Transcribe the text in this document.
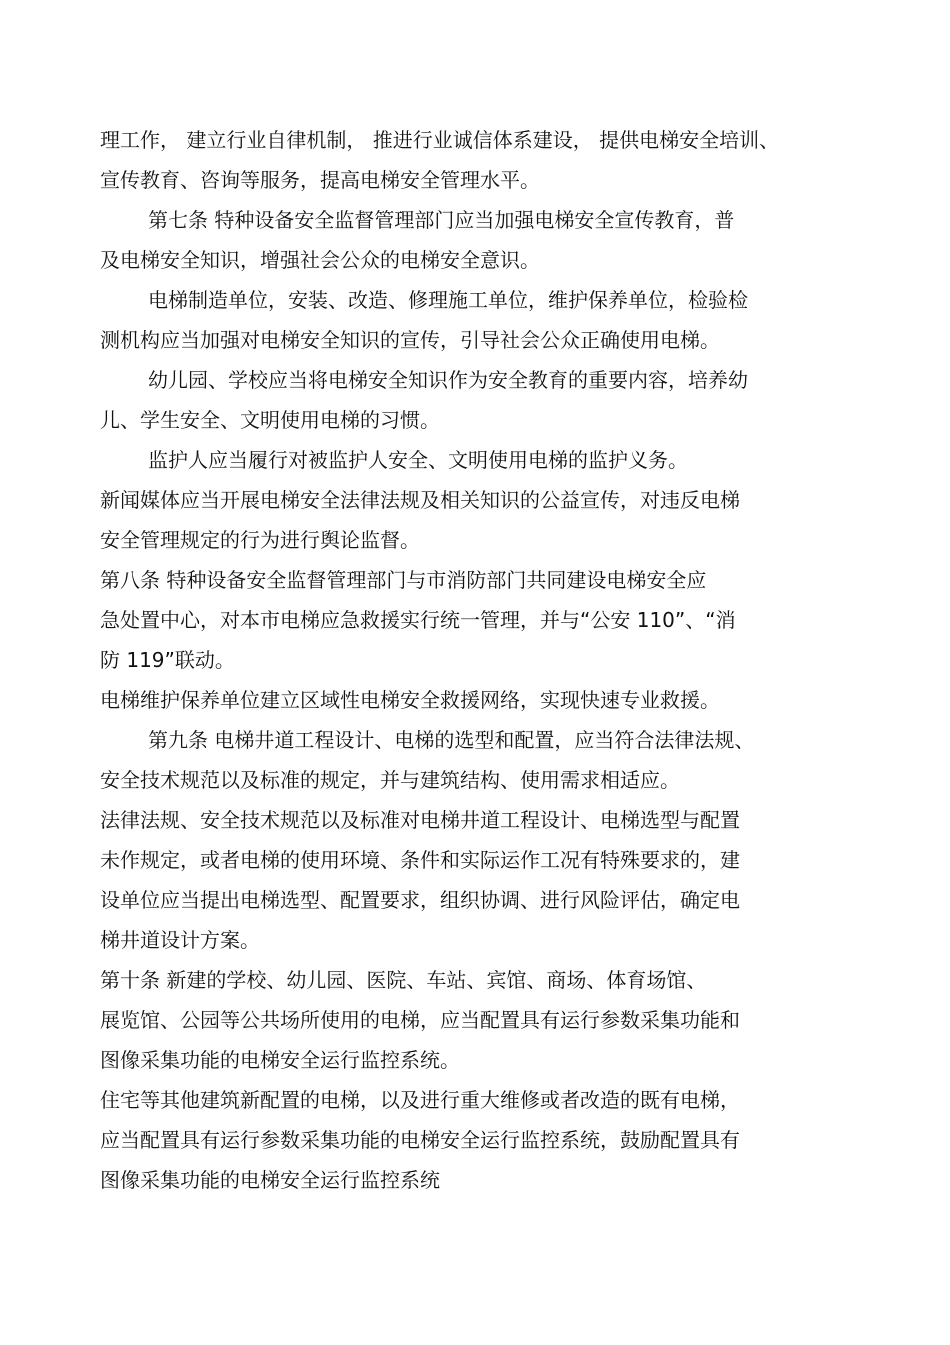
理工作， 建立行业自律机制， 推进行业诚信体系建设， 提供电梯安全培训、

宣传教育、咨询等服务，提高电梯安全管理水平。

第七条 特种设备安全监督管理部门应当加强电梯安全宣传教育，普

及电梯安全知识，增强社会公众的电梯安全意识。

电梯制造单位，安装、改造、修理施工单位，维护保养单位，检验检

测机构应当加强对电梯安全知识的宣传，引导社会公众正确使用电梯。

幼儿园、学校应当将电梯安全知识作为安全教育的重要内容，培养幼

儿、学生安全、文明使用电梯的习惯。

监护人应当履行对被监护人安全、文明使用电梯的监护义务。

新闻媒体应当开展电梯安全法律法规及相关知识的公益宣传，对违反电梯

安全管理规定的行为进行舆论监督。

第八条 特种设备安全监督管理部门与市消防部门共同建设电梯安全应

急处置中心，对本市电梯应急救援实行统一管理，并与“公安 110”、“消

防 119”联动。

电梯维护保养单位建立区域性电梯安全救援网络，实现快速专业救援。

第九条 电梯井道工程设计、电梯的选型和配置，应当符合法律法规、

安全技术规范以及标准的规定，并与建筑结构、使用需求相适应。

法律法规、安全技术规范以及标准对电梯井道工程设计、电梯选型与配置

未作规定，或者电梯的使用环境、条件和实际运作工况有特殊要求的，建

设单位应当提出电梯选型、配置要求，组织协调、进行风险评估，确定电

梯井道设计方案。

第十条 新建的学校、幼儿园、医院、车站、宾馆、商场、体育场馆、

展览馆、公园等公共场所使用的电梯，应当配置具有运行参数采集功能和

图像采集功能的电梯安全运行监控系统。

住宅等其他建筑新配置的电梯，以及进行重大维修或者改造的既有电梯，

应当配置具有运行参数采集功能的电梯安全运行监控系统，鼓励配置具有

图像采集功能的电梯安全运行监控系统
